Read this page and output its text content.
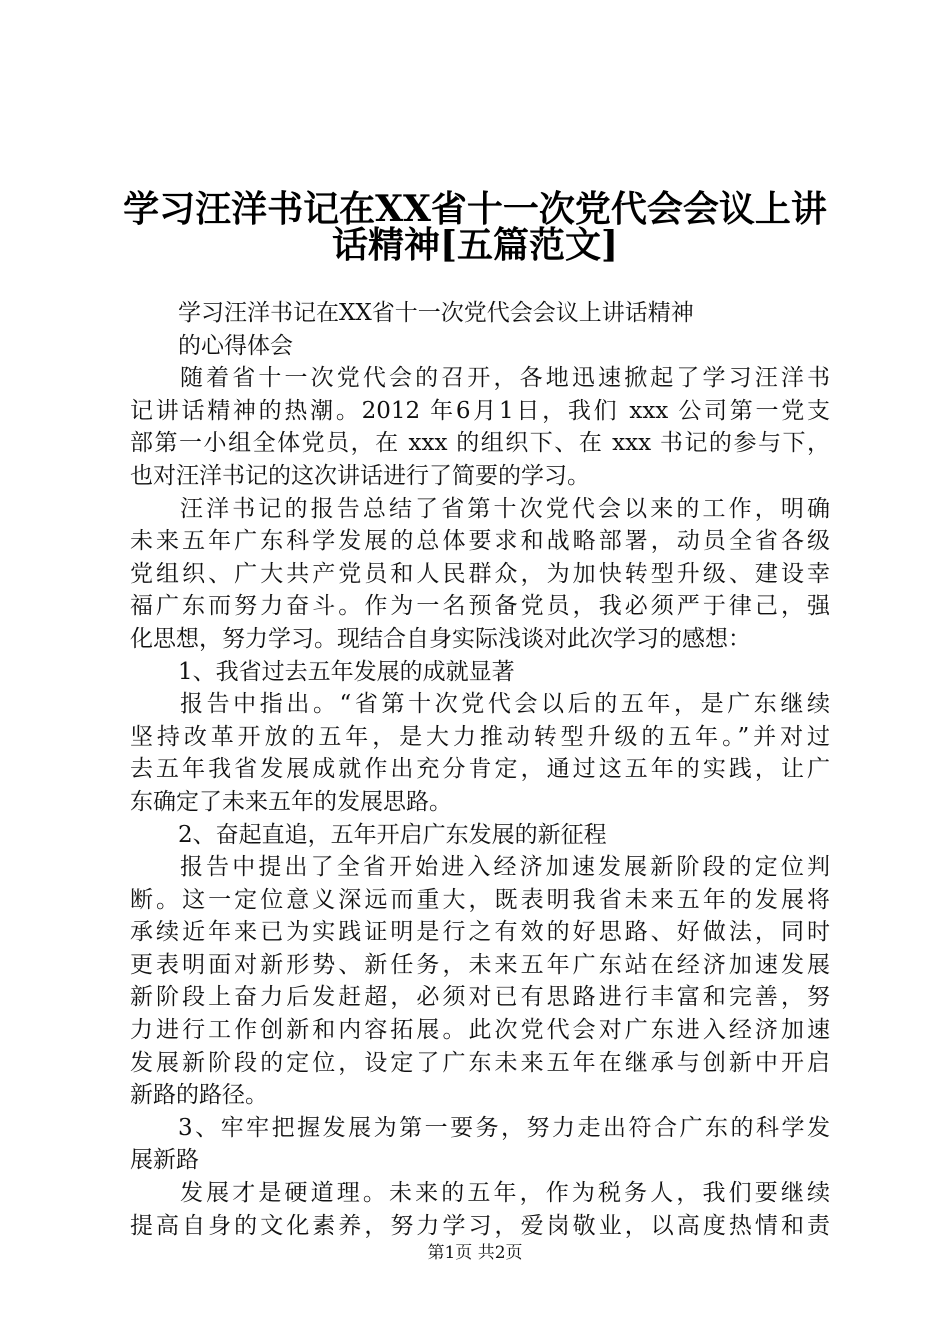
学习汪洋书记在XX省十一次党代会会议上讲
话精神[五篇范文]
学习汪洋书记在XX省十一次党代会会议上讲话精神
的心得体会
随着省十一次党代会的召开，各地迅速掀起了学习汪洋书
记讲话精神的热潮。2012 年6月1日，我们 xxx 公司第一党支
部第一小组全体党员，在 xxx 的组织下、在 xxx 书记的参与下，
也对汪洋书记的这次讲话进行了简要的学习。
汪洋书记的报告总结了省第十次党代会以来的工作，明确
未来五年广东科学发展的总体要求和战略部署，动员全省各级
党组织、广大共产党员和人民群众，为加快转型升级、建设幸
福广东而努力奋斗。作为一名预备党员，我必须严于律己，强
化思想，努力学习。现结合自身实际浅谈对此次学习的感想：
1、我省过去五年发展的成就显著
报告中指出。“省第十次党代会以后的五年，是广东继续
坚持改革开放的五年，是大力推动转型升级的五年。”并对过
去五年我省发展成就作出充分肯定，通过这五年的实践，让广
东确定了未来五年的发展思路。
2、奋起直追，五年开启广东发展的新征程
报告中提出了全省开始进入经济加速发展新阶段的定位判
断。这一定位意义深远而重大，既表明我省未来五年的发展将
承续近年来已为实践证明是行之有效的好思路、好做法，同时
更表明面对新形势、新任务，未来五年广东站在经济加速发展
新阶段上奋力后发赶超，必须对已有思路进行丰富和完善，努
力进行工作创新和内容拓展。此次党代会对广东进入经济加速
发展新阶段的定位，设定了广东未来五年在继承与创新中开启
新路的路径。
3、牢牢把握发展为第一要务，努力走出符合广东的科学发
展新路
发展才是硬道理。未来的五年，作为税务人，我们要继续
提高自身的文化素养，努力学习，爱岗敬业，以高度热情和责
第1页 共2页
